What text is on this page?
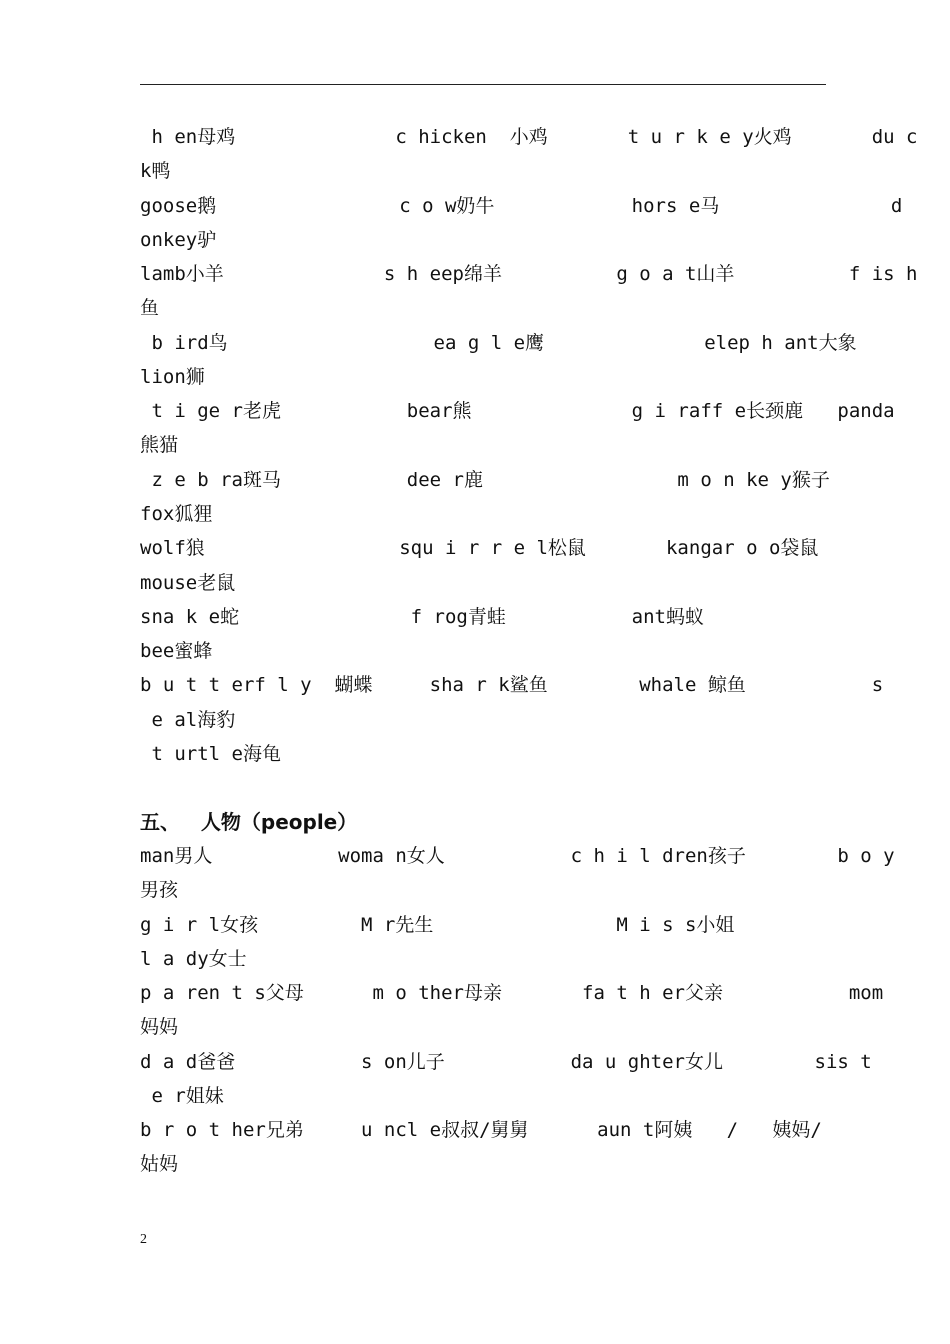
h en母鸡              c hicken  小鸡       t u r k e y火鸡       du c
k鸭
goose鹅                c o w奶牛            hors e马               d
onkey驴
lamb小羊              s h eep绵羊          g o a t山羊          f is h
鱼
b ird鸟                  ea g l e鹰              elep h ant大象
lion狮
t i ge r老虎           bear熊              g i raff e长颈鹿   panda
熊猫
z e b ra斑马           dee r鹿                 m o n ke y猴子
fox狐狸
wolf狼                 squ i r r e l松鼠       kangar o o袋鼠
mouse老鼠
sna k e蛇               f rog青蛙           ant蚂蚁
bee蜜蜂
b u t t erf l y  蝴蝶     sha r k鲨鱼        whale 鲸鱼           s
e al海豹
t urtl e海龟
五、   人物（people）
man男人           woma n女人           c h i l dren孩子        b o y
男孩
g i r l女孩         M r先生                M i s s小姐
l a dy女士
p a ren t s父母      m o ther母亲       fa t h er父亲           mom
妈妈
d a d爸爸           s on儿子           da u ghter女儿        sis t
e r姐妹
b r o t her兄弟     u ncl e叔叔/舅舅      aun t阿姨   /   姨妈/
姑妈
2
